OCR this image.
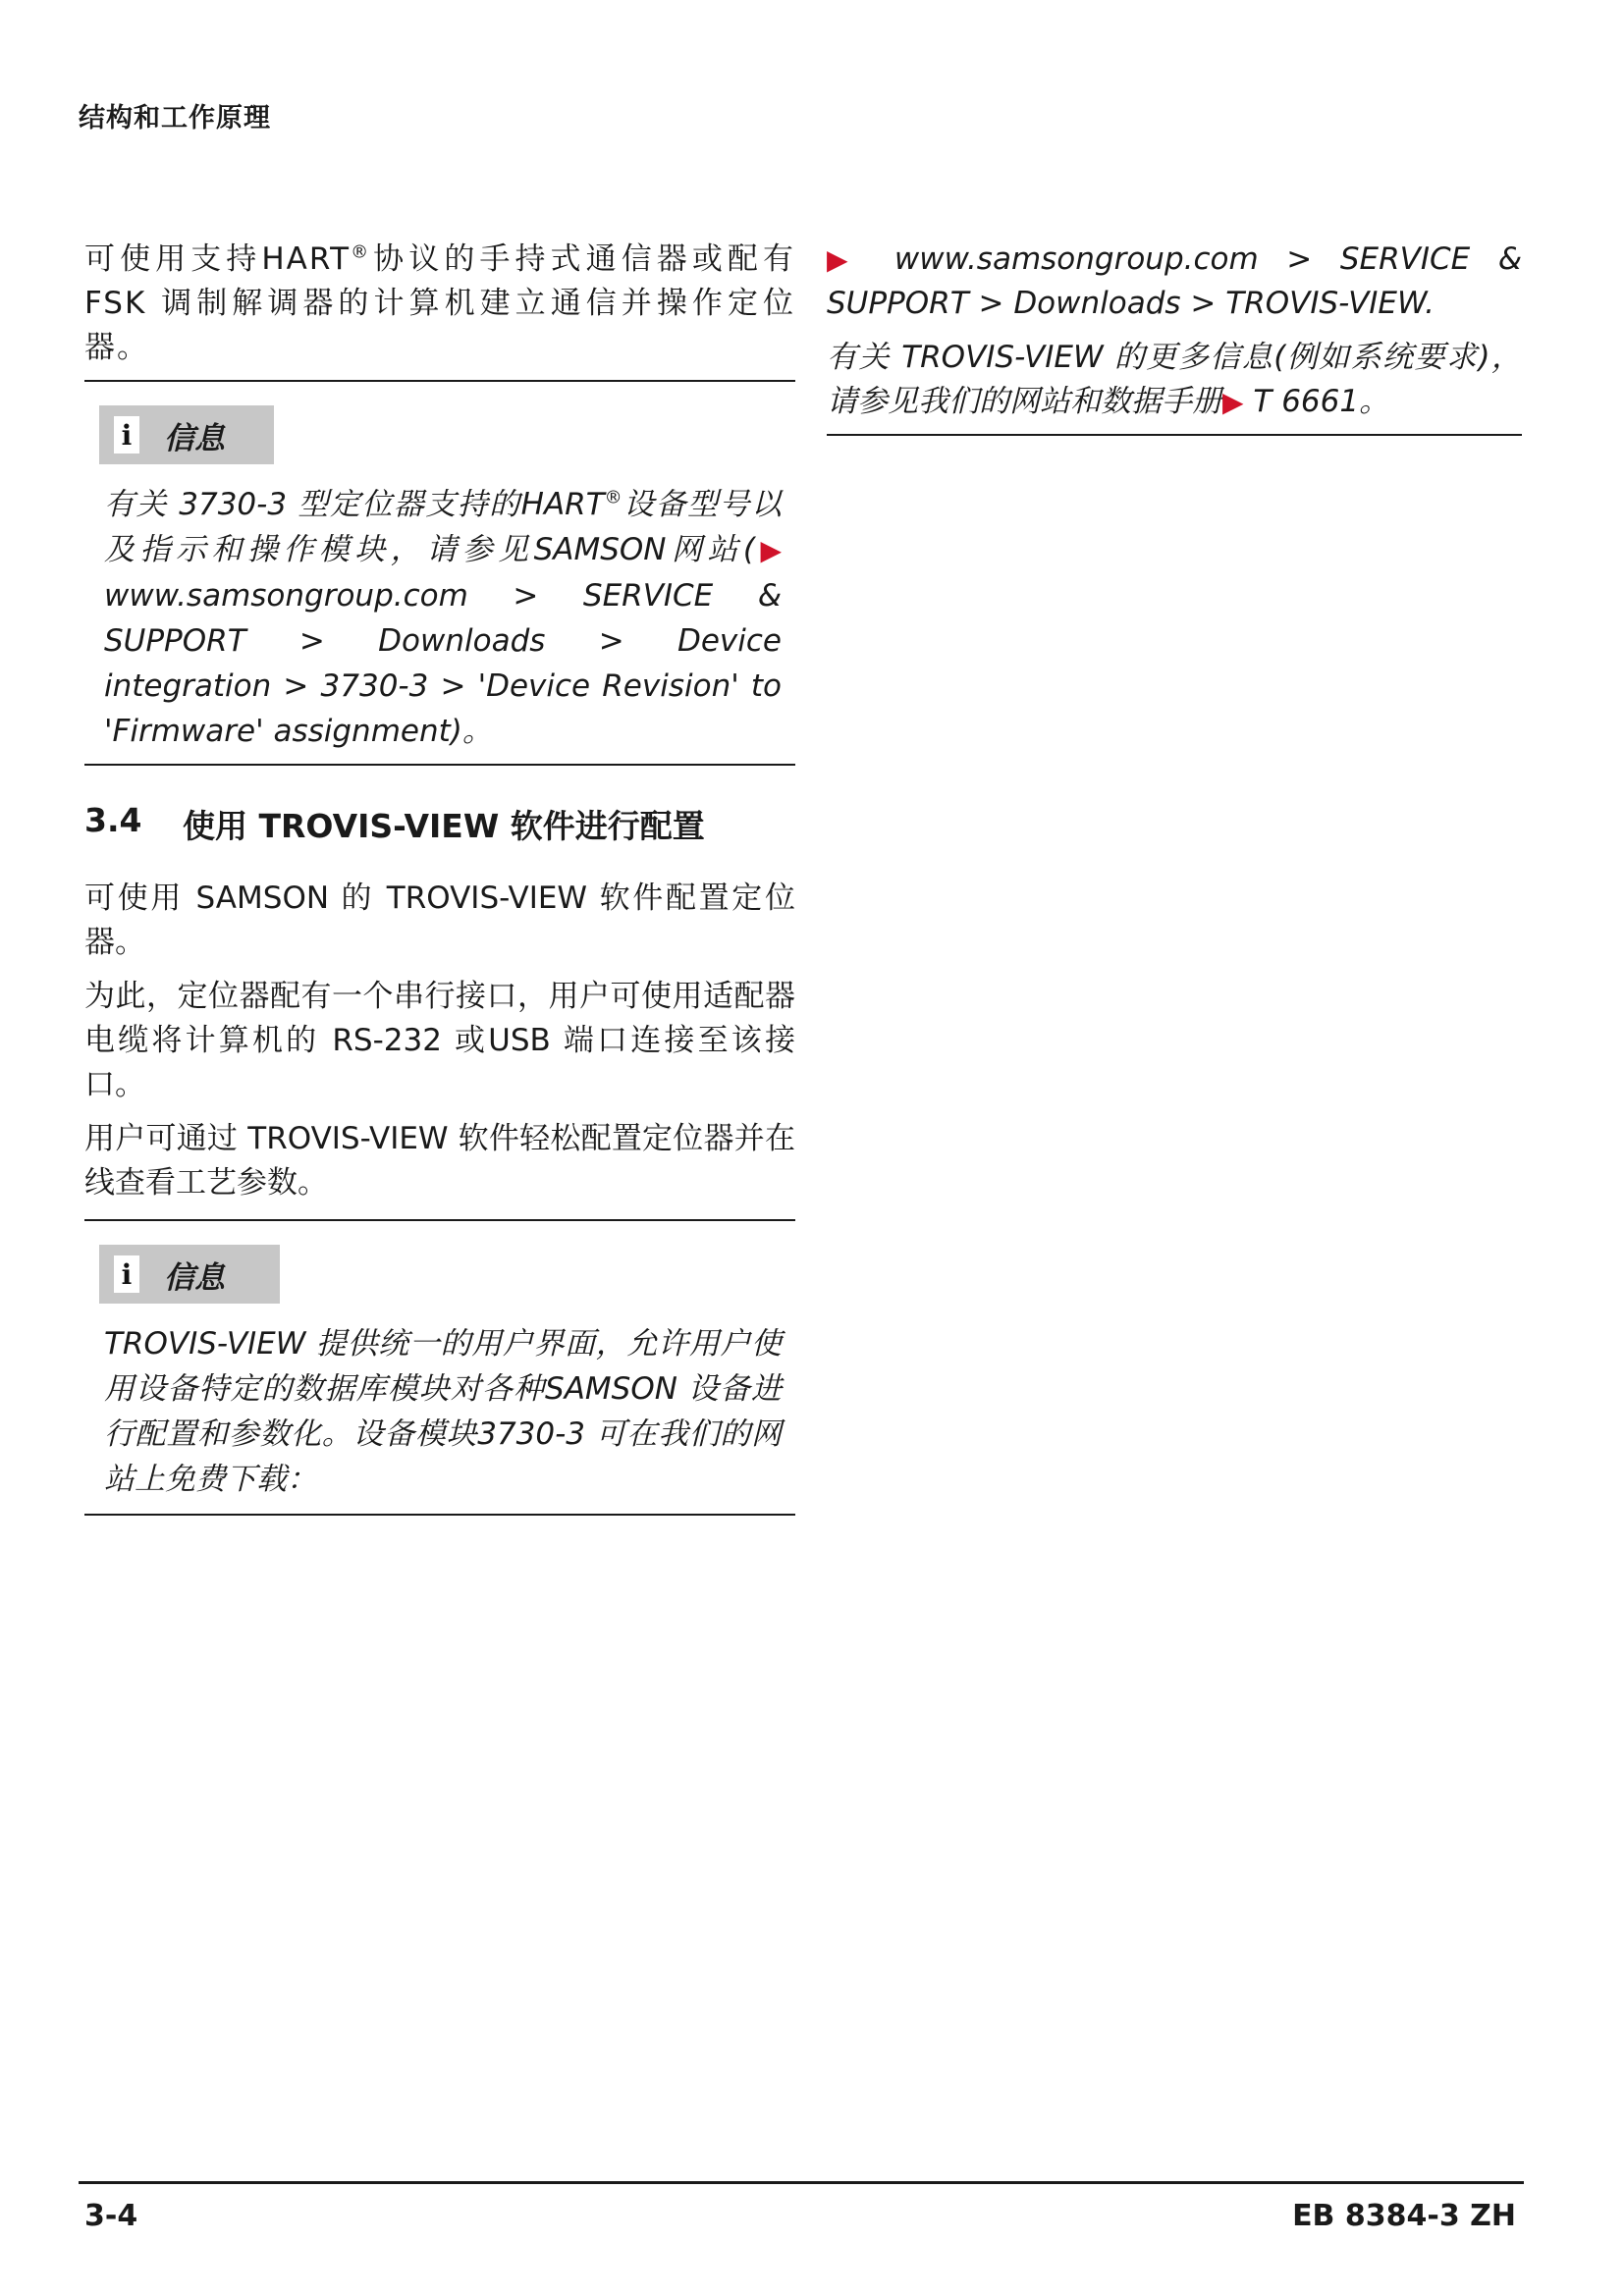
结构和工作原理

可使用支持HART®协议的手持式通信器或配有FSK 调制解调器的计算机建立通信并操作定位器。

i 信息
有关 3730-3 型定位器支持的HART®设备型号以及指示和操作模块，请参见SAMSON网站(▶ www.samsongroup.com > SERVICE & SUPPORT > Downloads > Device integration > 3730-3 > 'Device Revision' to 'Firmware' assignment)。
3.4	使用 TROVIS-VIEW 软件进行配置

可使用 SAMSON 的 TROVIS-VIEW 软件配置定位器。

为此，定位器配有一个串行接口，用户可使用适配器电缆将计算机的 RS-232 或USB 端口连接至该接口。

用户可通过 TROVIS-VIEW 软件轻松配置定位器并在线查看工艺参数。

i 信息
TROVIS-VIEW 提供统一的用户界面，允许用户使用设备特定的数据库模块对各种SAMSON 设备进行配置和参数化。设备模块3730-3 可在我们的网站上免费下载：

▶ www.samsongroup.com > SERVICE & SUPPORT > Downloads > TROVIS-VIEW.

有关 TROVIS-VIEW 的更多信息(例如系统要求)，请参见我们的网站和数据手册▶ T 6661。

3-4	EB 8384-3 ZH
